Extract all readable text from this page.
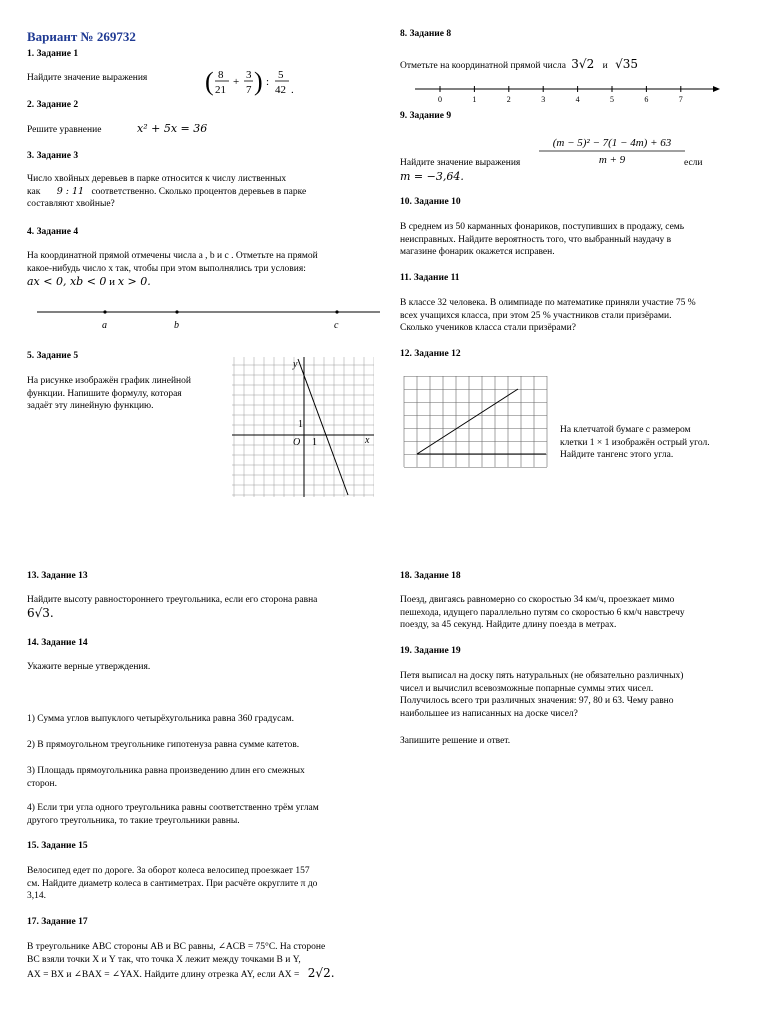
Вариант № 269732
1. Задание 1
Найдите значение выражения ( 8
21
+
3
7 ) :
5
42 .
2. Задание 2
Решите уравнение	x² + 5x = 36
3. Задание 3
Число хвойных деревьев в парке относится к числу лиственных
как 9 : 11 соответственно. Сколько процентов деревьев в парке
составляют хвойные?
4. Задание 4
На координатной прямой отмечены числа a , b и c . Отметьте на прямой
какое-нибудь число x так, чтобы при этом выполнялись три условия:
ax < 0, xb < 0 и x > 0.
a	b	c
5. Задание 5
На рисунке изображён график линейной
функции. Напишите формулу, которая
задаёт эту линейную функцию.
y
x
O
1
1
8. Задание 8
Отметьте на координатной прямой числа 3√2 и √35
0	1	2	3	4	5	6	7
9. Задание 9
Найдите значение выражения
(m − 5)² − 7(1 − 4m) + 63
m + 9	если
m = −3,64.
10. Задание 10
В среднем из 50 карманных фонариков, поступивших в продажу, семь
неисправных. Найдите вероятность того, что выбранный наудачу в
магазине фонарик окажется исправен.
11. Задание 11
В классе 32 человека. В олимпиаде по математике приняли участие 75 %
всех учащихся класса, при этом 25 % участников стали призёрами.
Сколько учеников класса стали призёрами?
12. Задание 12
На клетчатой бумаге с размером
клетки 1 × 1 изображён острый угол.
Найдите тангенс этого угла.
13. Задание 13
Найдите высоту равностороннего треугольника, если его сторона равна
6√3.
14. Задание 14
Укажите верные утверждения.
1) Сумма углов выпуклого четырёхугольника равна 360 градусам.
2) В прямоугольном треугольнике гипотенуза равна сумме катетов.
3) Площадь прямоугольника равна произведению длин его смежных
сторон.
4) Если три угла одного треугольника равны соответственно трём углам
другого треугольника, то такие треугольники равны.
15. Задание 15
Велосипед едет по дороге. За оборот колеса велосипед проезжает 157
см. Найдите диаметр колеса в сантиметрах. При расчёте округлите π до
3,14.
17. Задание 17
В треугольнике ABC стороны AB и BC равны, ∠ACB = 75°С. На стороне
BC взяли точки X и Y так, что точка X лежит между точками B и Y,
AX = BX и ∠BAX = ∠YAX. Найдите длину отрезка AY, если AX = 2√2.
18. Задание 18
Поезд, двигаясь равномерно со скоростью 34 км/ч, проезжает мимо
пешехода, идущего параллельно путям со скоростью 6 км/ч навстречу
поезду, за 45 секунд. Найдите длину поезда в метрах.
19. Задание 19
Петя выписал на доску пять натуральных (не обязательно различных)
чисел и вычислил всевозможные попарные суммы этих чисел.
Получилось всего три различных значения: 97, 80 и 63. Чему равно
наибольшее из написанных на доске чисел?
Запишите решение и ответ.
